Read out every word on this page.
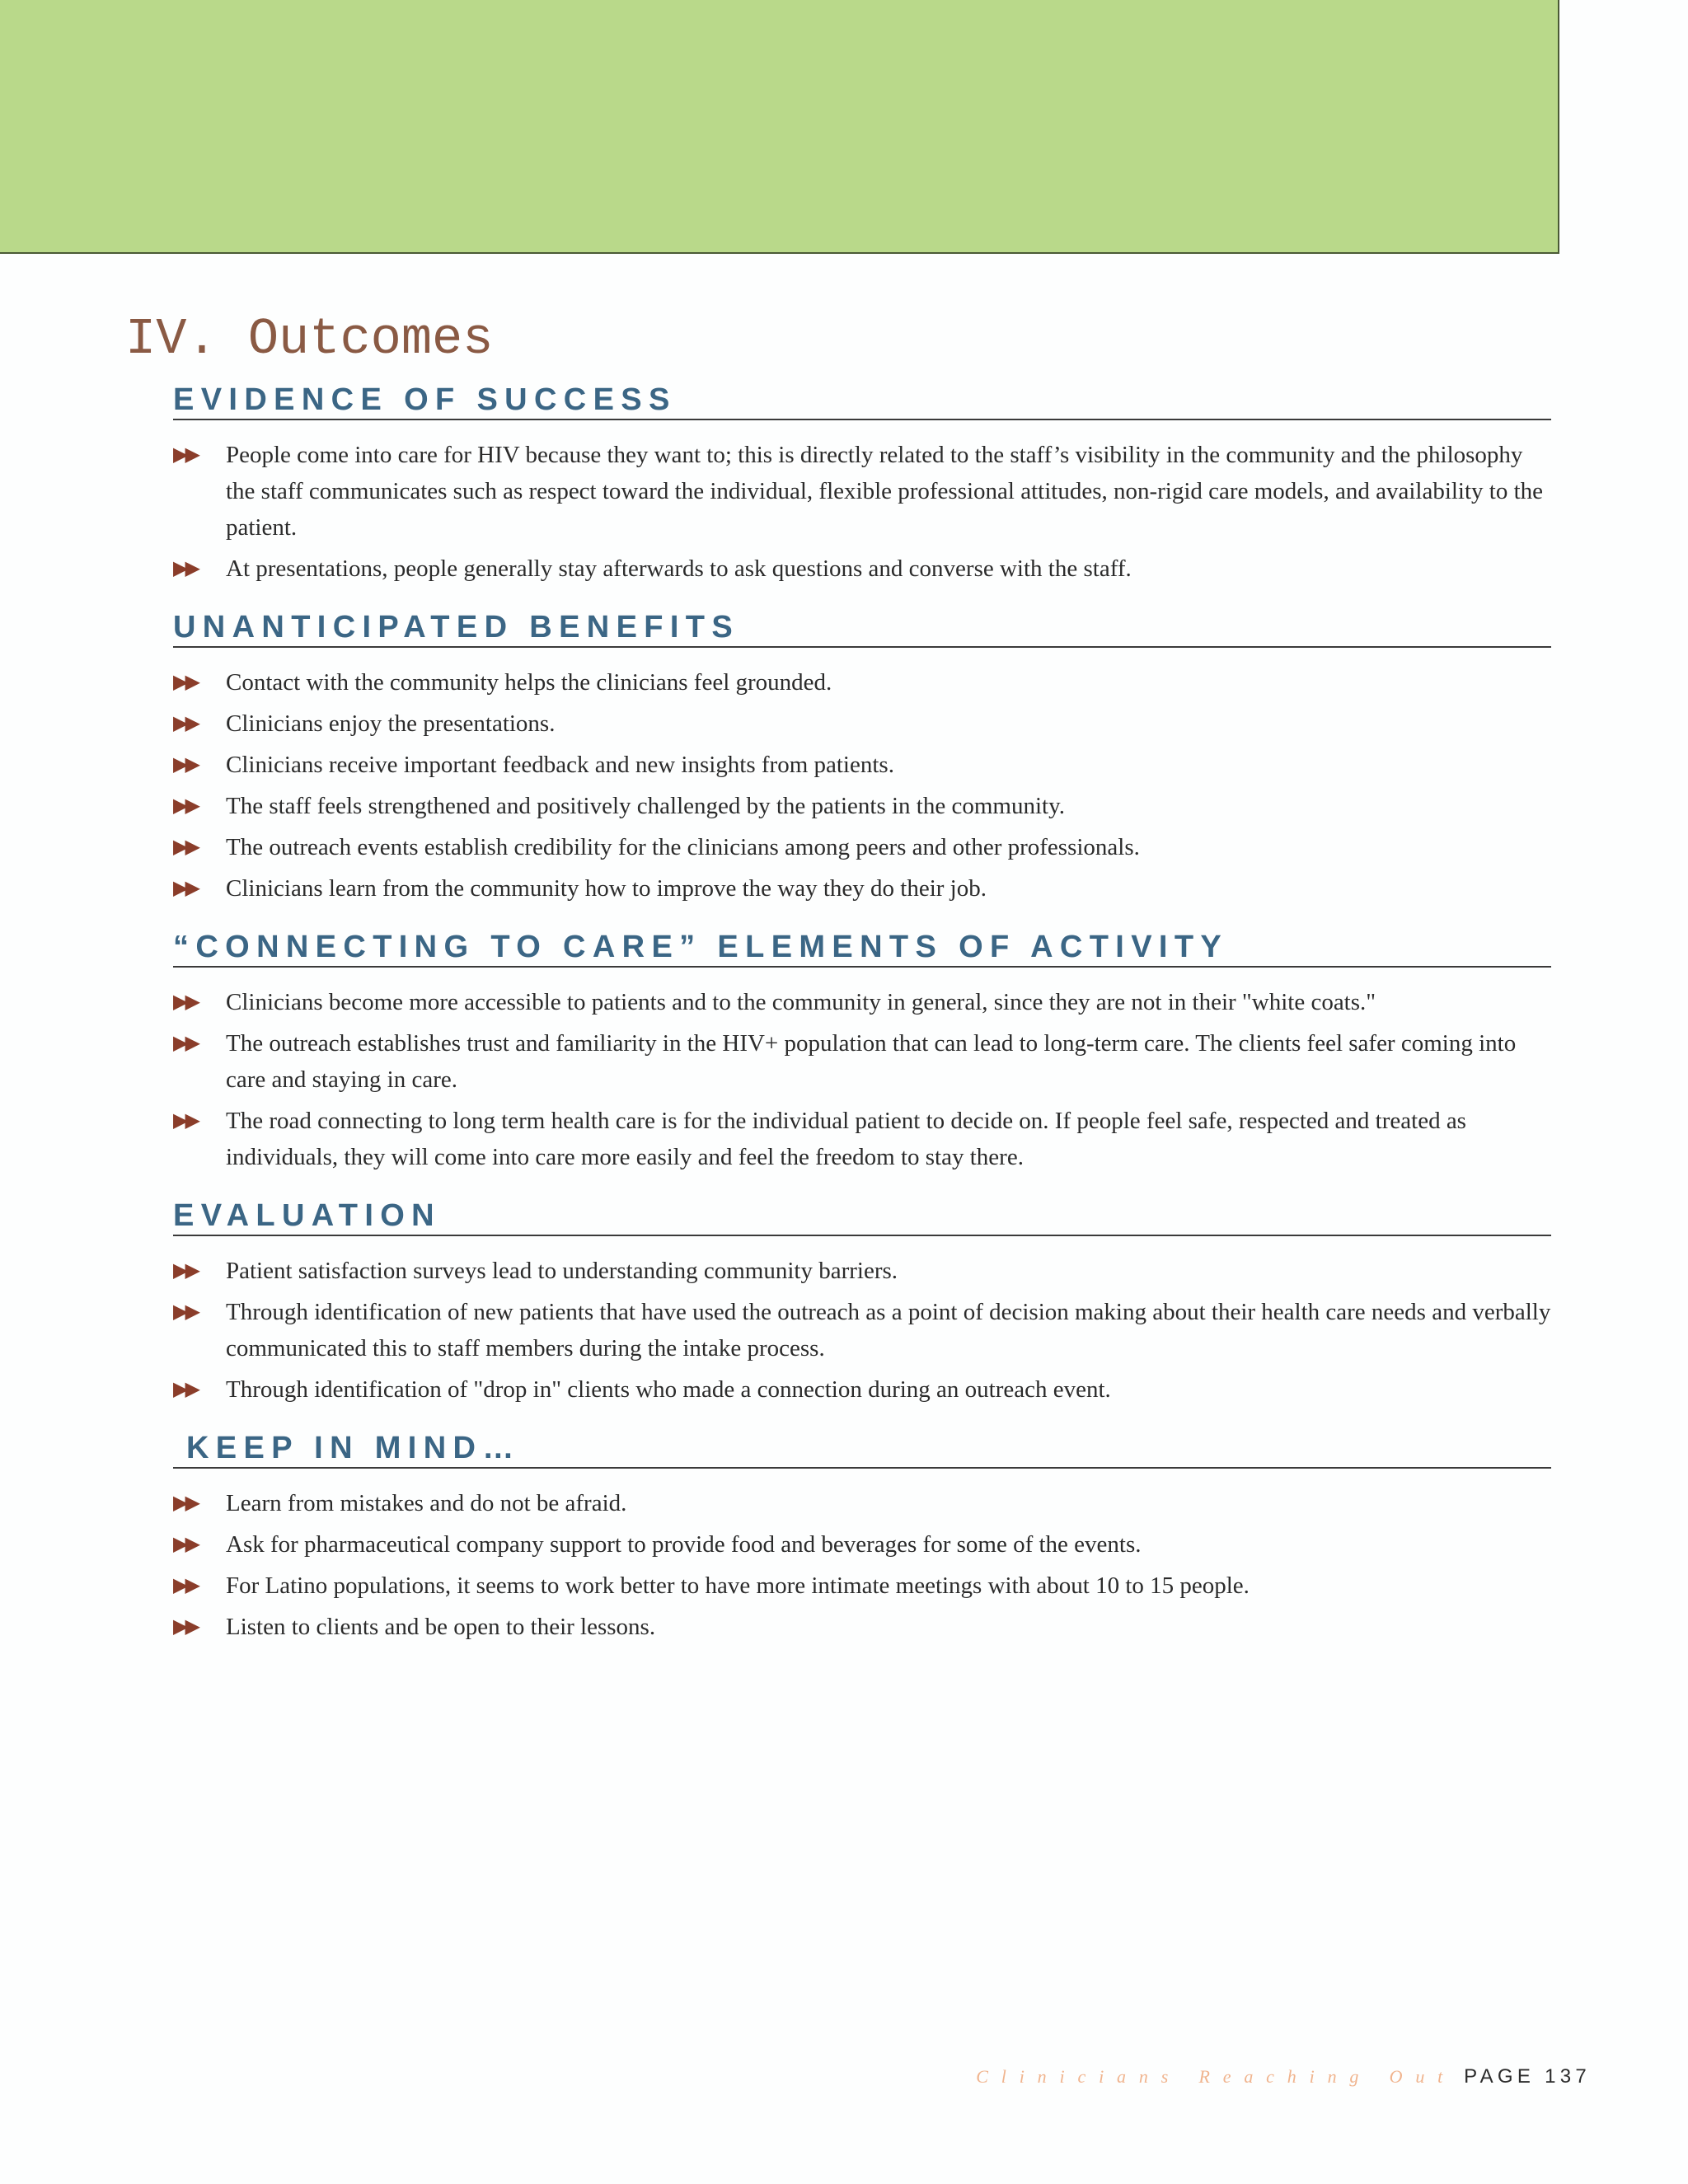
IV. Outcomes
EVIDENCE OF SUCCESS
▶▶ People come into care for HIV because they want to; this is directly related to the staff’s visibility in the community and the philosophy the staff communicates such as respect toward the individual, flexible professional attitudes, non-rigid care models, and availability to the patient.
▶▶ At presentations, people generally stay afterwards to ask questions and converse with the staff.
UNANTICIPATED BENEFITS
▶▶ Contact with the community helps the clinicians feel grounded.
▶▶ Clinicians enjoy the presentations.
▶▶ Clinicians receive important feedback and new insights from patients.
▶▶ The staff feels strengthened and positively challenged by the patients in the community.
▶▶ The outreach events establish credibility for the clinicians among peers and other professionals.
▶▶ Clinicians learn from the community how to improve the way they do their job.
“CONNECTING TO CARE” ELEMENTS OF ACTIVITY
▶▶ Clinicians become more accessible to patients and to the community in general, since they are not in their "white coats."
▶▶ The outreach establishes trust and familiarity in the HIV+ population that can lead to long-term care. The clients feel safer coming into care and staying in care.
▶▶ The road connecting to long term health care is for the individual patient to decide on. If people feel safe, respected and treated as individuals, they will come into care more easily and feel the freedom to stay there.
EVALUATION
▶▶ Patient satisfaction surveys lead to understanding community barriers.
▶▶ Through identification of new patients that have used the outreach as a point of decision making about their health care needs and verbally communicated this to staff members during the intake process.
▶▶ Through identification of "drop in" clients who made a connection during an outreach event.
KEEP IN MIND…
▶▶ Learn from mistakes and do not be afraid.
▶▶ Ask for pharmaceutical company support to provide food and beverages for some of the events.
▶▶ For Latino populations, it seems to work better to have more intimate meetings with about 10 to 15 people.
▶▶ Listen to clients and be open to their lessons.
Clinicians Reaching Out PAGE 137
